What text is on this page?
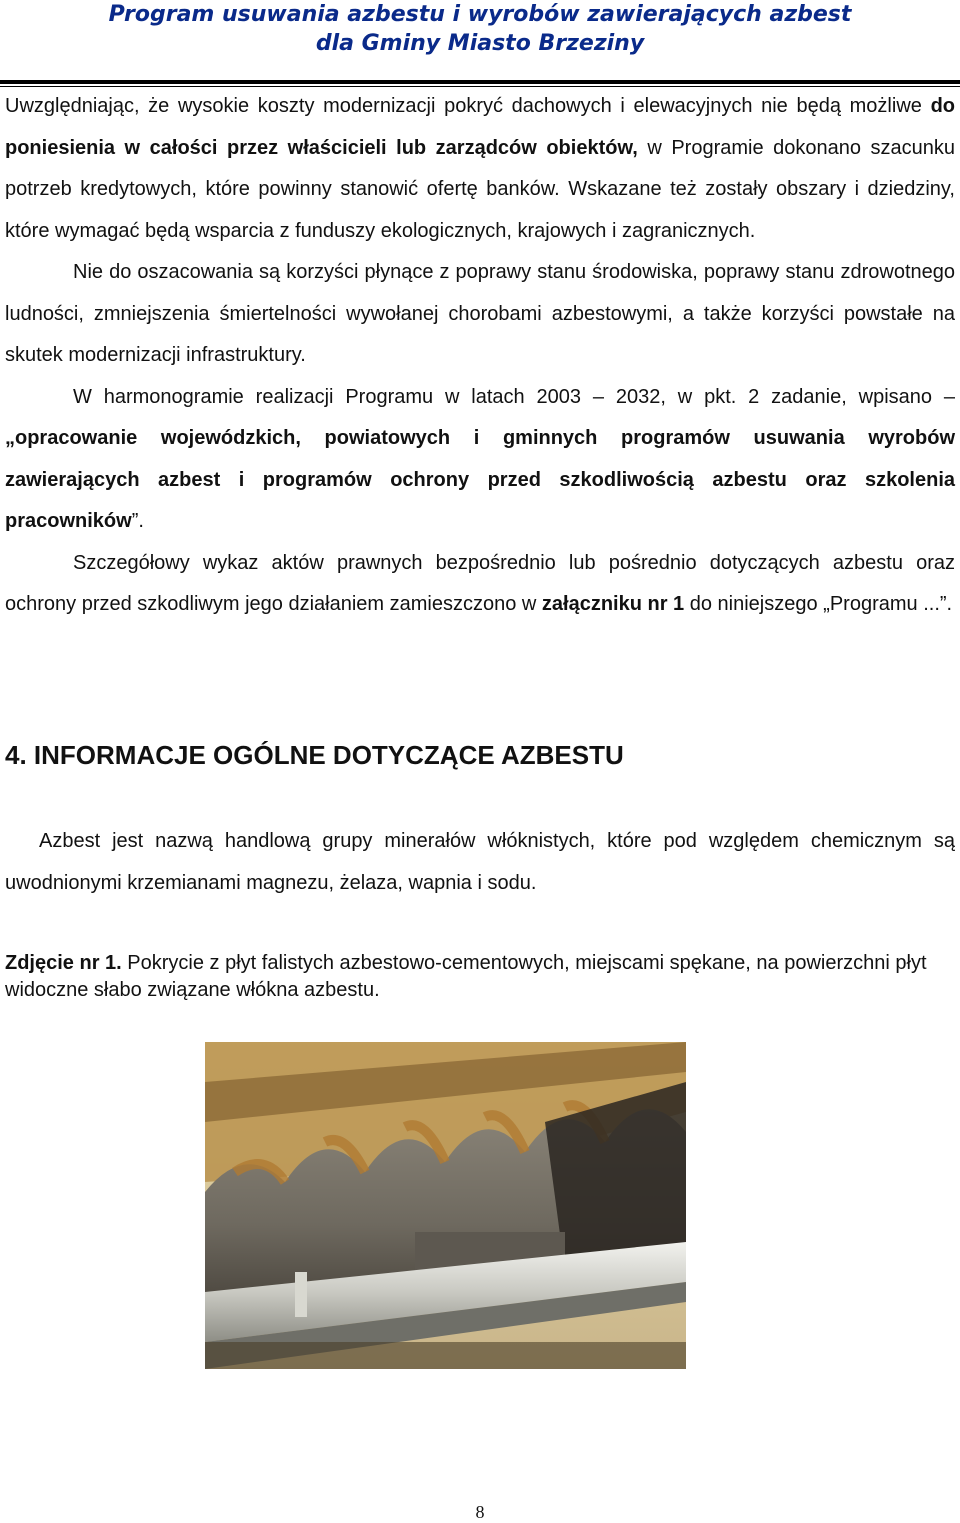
Program usuwania azbestu i wyrobów zawierających azbest
dla Gminy Miasto Brzeziny

Uwzględniając, że wysokie koszty modernizacji pokryć dachowych i elewacyjnych nie będą możliwe do poniesienia w całości przez właścicieli lub zarządców obiektów, w Programie dokonano szacunku potrzeb kredytowych, które powinny stanowić ofertę banków. Wskazane też zostały obszary i dziedziny, które wymagać będą wsparcia z funduszy ekologicznych, krajowych i zagranicznych.

Nie do oszacowania są korzyści płynące z poprawy stanu środowiska, poprawy stanu zdrowotnego ludności, zmniejszenia śmiertelności wywołanej chorobami azbestowymi, a także korzyści powstałe na skutek modernizacji infrastruktury.

W harmonogramie realizacji Programu w latach 2003 – 2032, w pkt. 2 zadanie, wpisano – „opracowanie wojewódzkich, powiatowych i gminnych programów usuwania wyrobów zawierających azbest i programów ochrony przed szkodliwością azbestu oraz szkolenia pracowników”.

Szczegółowy wykaz aktów prawnych bezpośrednio lub pośrednio dotyczących azbestu oraz ochrony przed szkodliwym jego działaniem zamieszczono w załączniku nr 1 do niniejszego „Programu ...”.

4. INFORMACJE OGÓLNE DOTYCZĄCE AZBESTU

Azbest jest nazwą handlową grupy minerałów włóknistych, które pod względem chemicznym są uwodnionymi krzemianami magnezu, żelaza, wapnia i sodu.

Zdjęcie nr 1. Pokrycie z płyt falistych azbestowo-cementowych, miejscami spękane, na powierzchni płyt widoczne słabo związane włókna azbestu.

8
